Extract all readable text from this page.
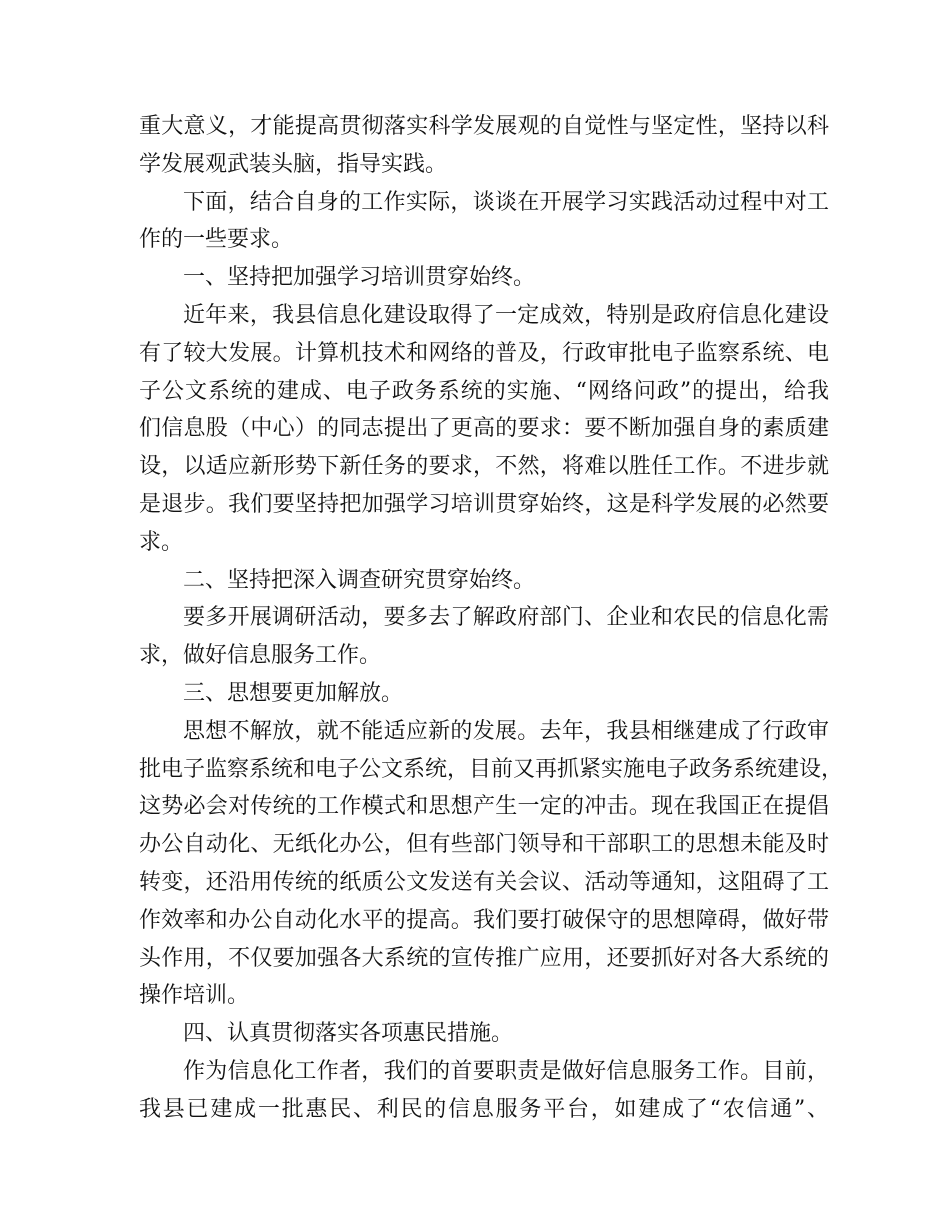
重大意义，才能提高贯彻落实科学发展观的自觉性与坚定性，坚持以科
学发展观武装头脑，指导实践。
下面，结合自身的工作实际，谈谈在开展学习实践活动过程中对工
作的一些要求。
一、坚持把加强学习培训贯穿始终。
近年来，我县信息化建设取得了一定成效，特别是政府信息化建设
有了较大发展。计算机技术和网络的普及，行政审批电子监察系统、电
子公文系统的建成、电子政务系统的实施、“网络问政”的提出，给我
们信息股（中心）的同志提出了更高的要求：要不断加强自身的素质建
设，以适应新形势下新任务的要求，不然，将难以胜任工作。不进步就
是退步。我们要坚持把加强学习培训贯穿始终，这是科学发展的必然要
求。
二、坚持把深入调查研究贯穿始终。
要多开展调研活动，要多去了解政府部门、企业和农民的信息化需
求，做好信息服务工作。
三、思想要更加解放。
思想不解放，就不能适应新的发展。去年，我县相继建成了行政审
批电子监察系统和电子公文系统，目前又再抓紧实施电子政务系统建设，
这势必会对传统的工作模式和思想产生一定的冲击。现在我国正在提倡
办公自动化、无纸化办公，但有些部门领导和干部职工的思想未能及时
转变，还沿用传统的纸质公文发送有关会议、活动等通知，这阻碍了工
作效率和办公自动化水平的提高。我们要打破保守的思想障碍，做好带
头作用，不仅要加强各大系统的宣传推广应用，还要抓好对各大系统的
操作培训。
四、认真贯彻落实各项惠民措施。
作为信息化工作者，我们的首要职责是做好信息服务工作。目前，
我县已建成一批惠民、利民的信息服务平台，如建成了“农信通”、
